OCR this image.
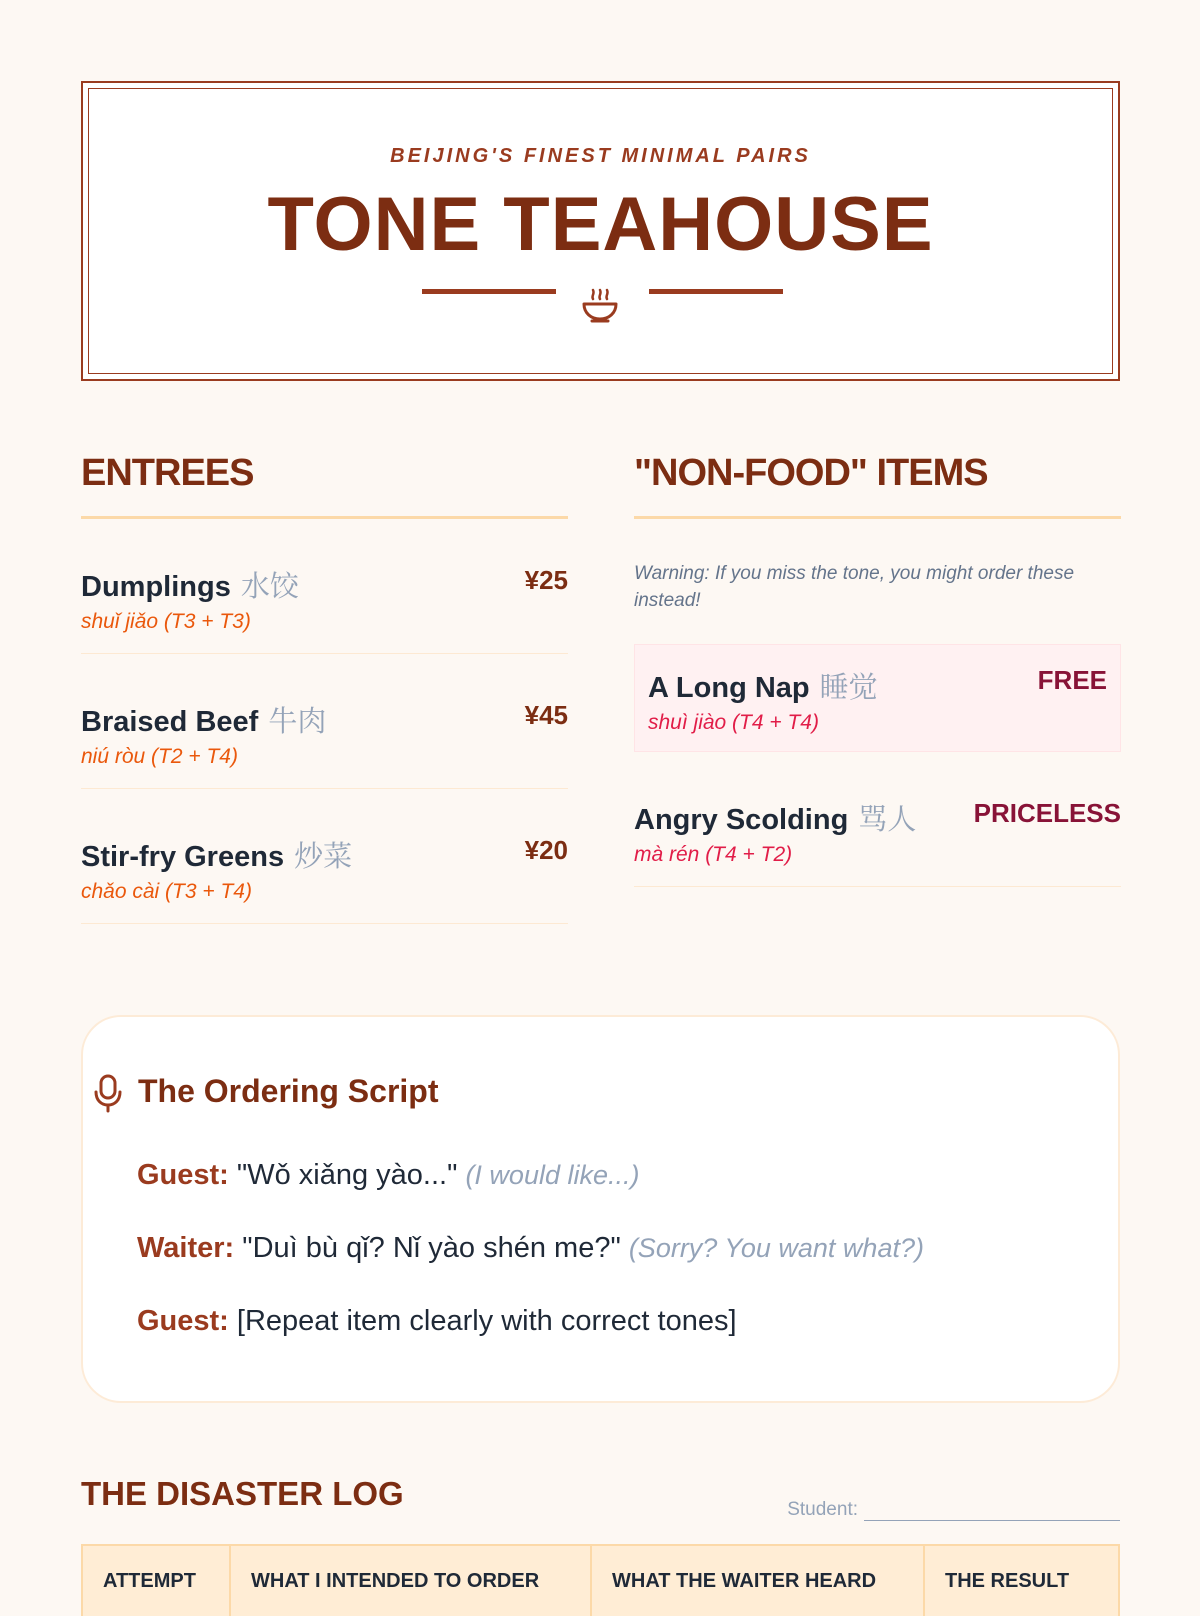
BEIJING'S FINEST MINIMAL PAIRS
TONE TEAHOUSE
ENTREES
Dumplings 水饺	¥25
shuǐ jiǎo (T3 + T3)
Braised Beef 牛肉	¥45
niú ròu (T2 + T4)
Stir-fry Greens 炒菜	¥20
chǎo cài (T3 + T4)
"NON-FOOD" ITEMS
Warning: If you miss the tone, you might order these instead!
A Long Nap 睡觉	FREE
shuì jiào (T4 + T4)
Angry Scolding 骂人 PRICELESS
mà rén (T4 + T2)
The Ordering Script
Guest: "Wǒ xiǎng yào..." (I would like...)
Waiter: "Duì bù qǐ? Nǐ yào shén me?" (Sorry? You want what?)
Guest: [Repeat item clearly with correct tones]
THE DISASTER LOG	Student:
ATTEMPT	WHAT I INTENDED TO ORDER	WHAT THE WAITER HEARD	THE RESULT
